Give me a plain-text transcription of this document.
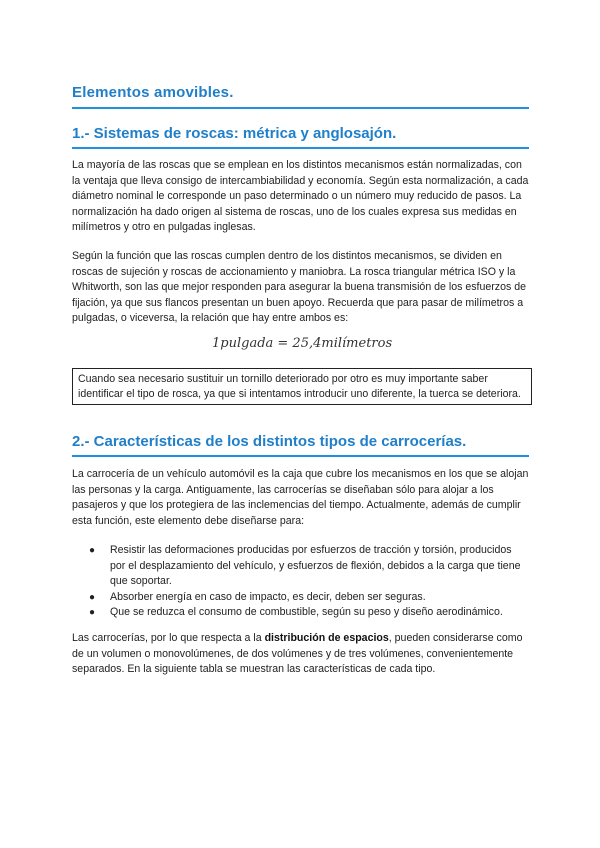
Elementos amovibles.
1.- Sistemas de roscas: métrica y anglosajón.

La mayoría de las roscas que se emplean en los distintos mecanismos están normalizadas, con la ventaja que lleva consigo de intercambiabilidad y economía. Según esta normalización, a cada diámetro nominal le corresponde un paso determinado o un número muy reducido de pasos. La normalización ha dado origen al sistema de roscas, uno de los cuales expresa sus medidas en milímetros y otro en pulgadas inglesas.

Según la función que las roscas cumplen dentro de los distintos mecanismos, se dividen en roscas de sujeción y roscas de accionamiento y maniobra. La rosca triangular métrica ISO y la Whitworth, son las que mejor responden para asegurar la buena transmisión de los esfuerzos de fijación, ya que sus flancos presentan un buen apoyo. Recuerda que para pasar de milímetros a pulgadas, o viceversa, la relación que hay entre ambos es:

1pulgada = 25,4milímetros
Cuando sea necesario sustituir un tornillo deteriorado por otro es muy importante saber identificar el tipo de rosca, ya que si intentamos introducir uno diferente, la tuerca se deteriora.
2.- Características de los distintos tipos de carrocerías.

La carrocería de un vehículo automóvil es la caja que cubre los mecanismos en los que se alojan las personas y la carga. Antiguamente, las carrocerías se diseñaban sólo para alojar a los pasajeros y que los protegiera de las inclemencias del tiempo. Actualmente, además de cumplir esta función, este elemento debe diseñarse para:

● Resistir las deformaciones producidas por esfuerzos de tracción y torsión, producidos por el desplazamiento del vehículo, y esfuerzos de flexión, debidos a la carga que tiene que soportar.
● Absorber energía en caso de impacto, es decir, deben ser seguras.
● Que se reduzca el consumo de combustible, según su peso y diseño aerodinámico.

Las carrocerías, por lo que respecta a la distribución de espacios, pueden considerarse como de un volumen o monovolúmenes, de dos volúmenes y de tres volúmenes, convenientemente separados. En la siguiente tabla se muestran las características de cada tipo.
